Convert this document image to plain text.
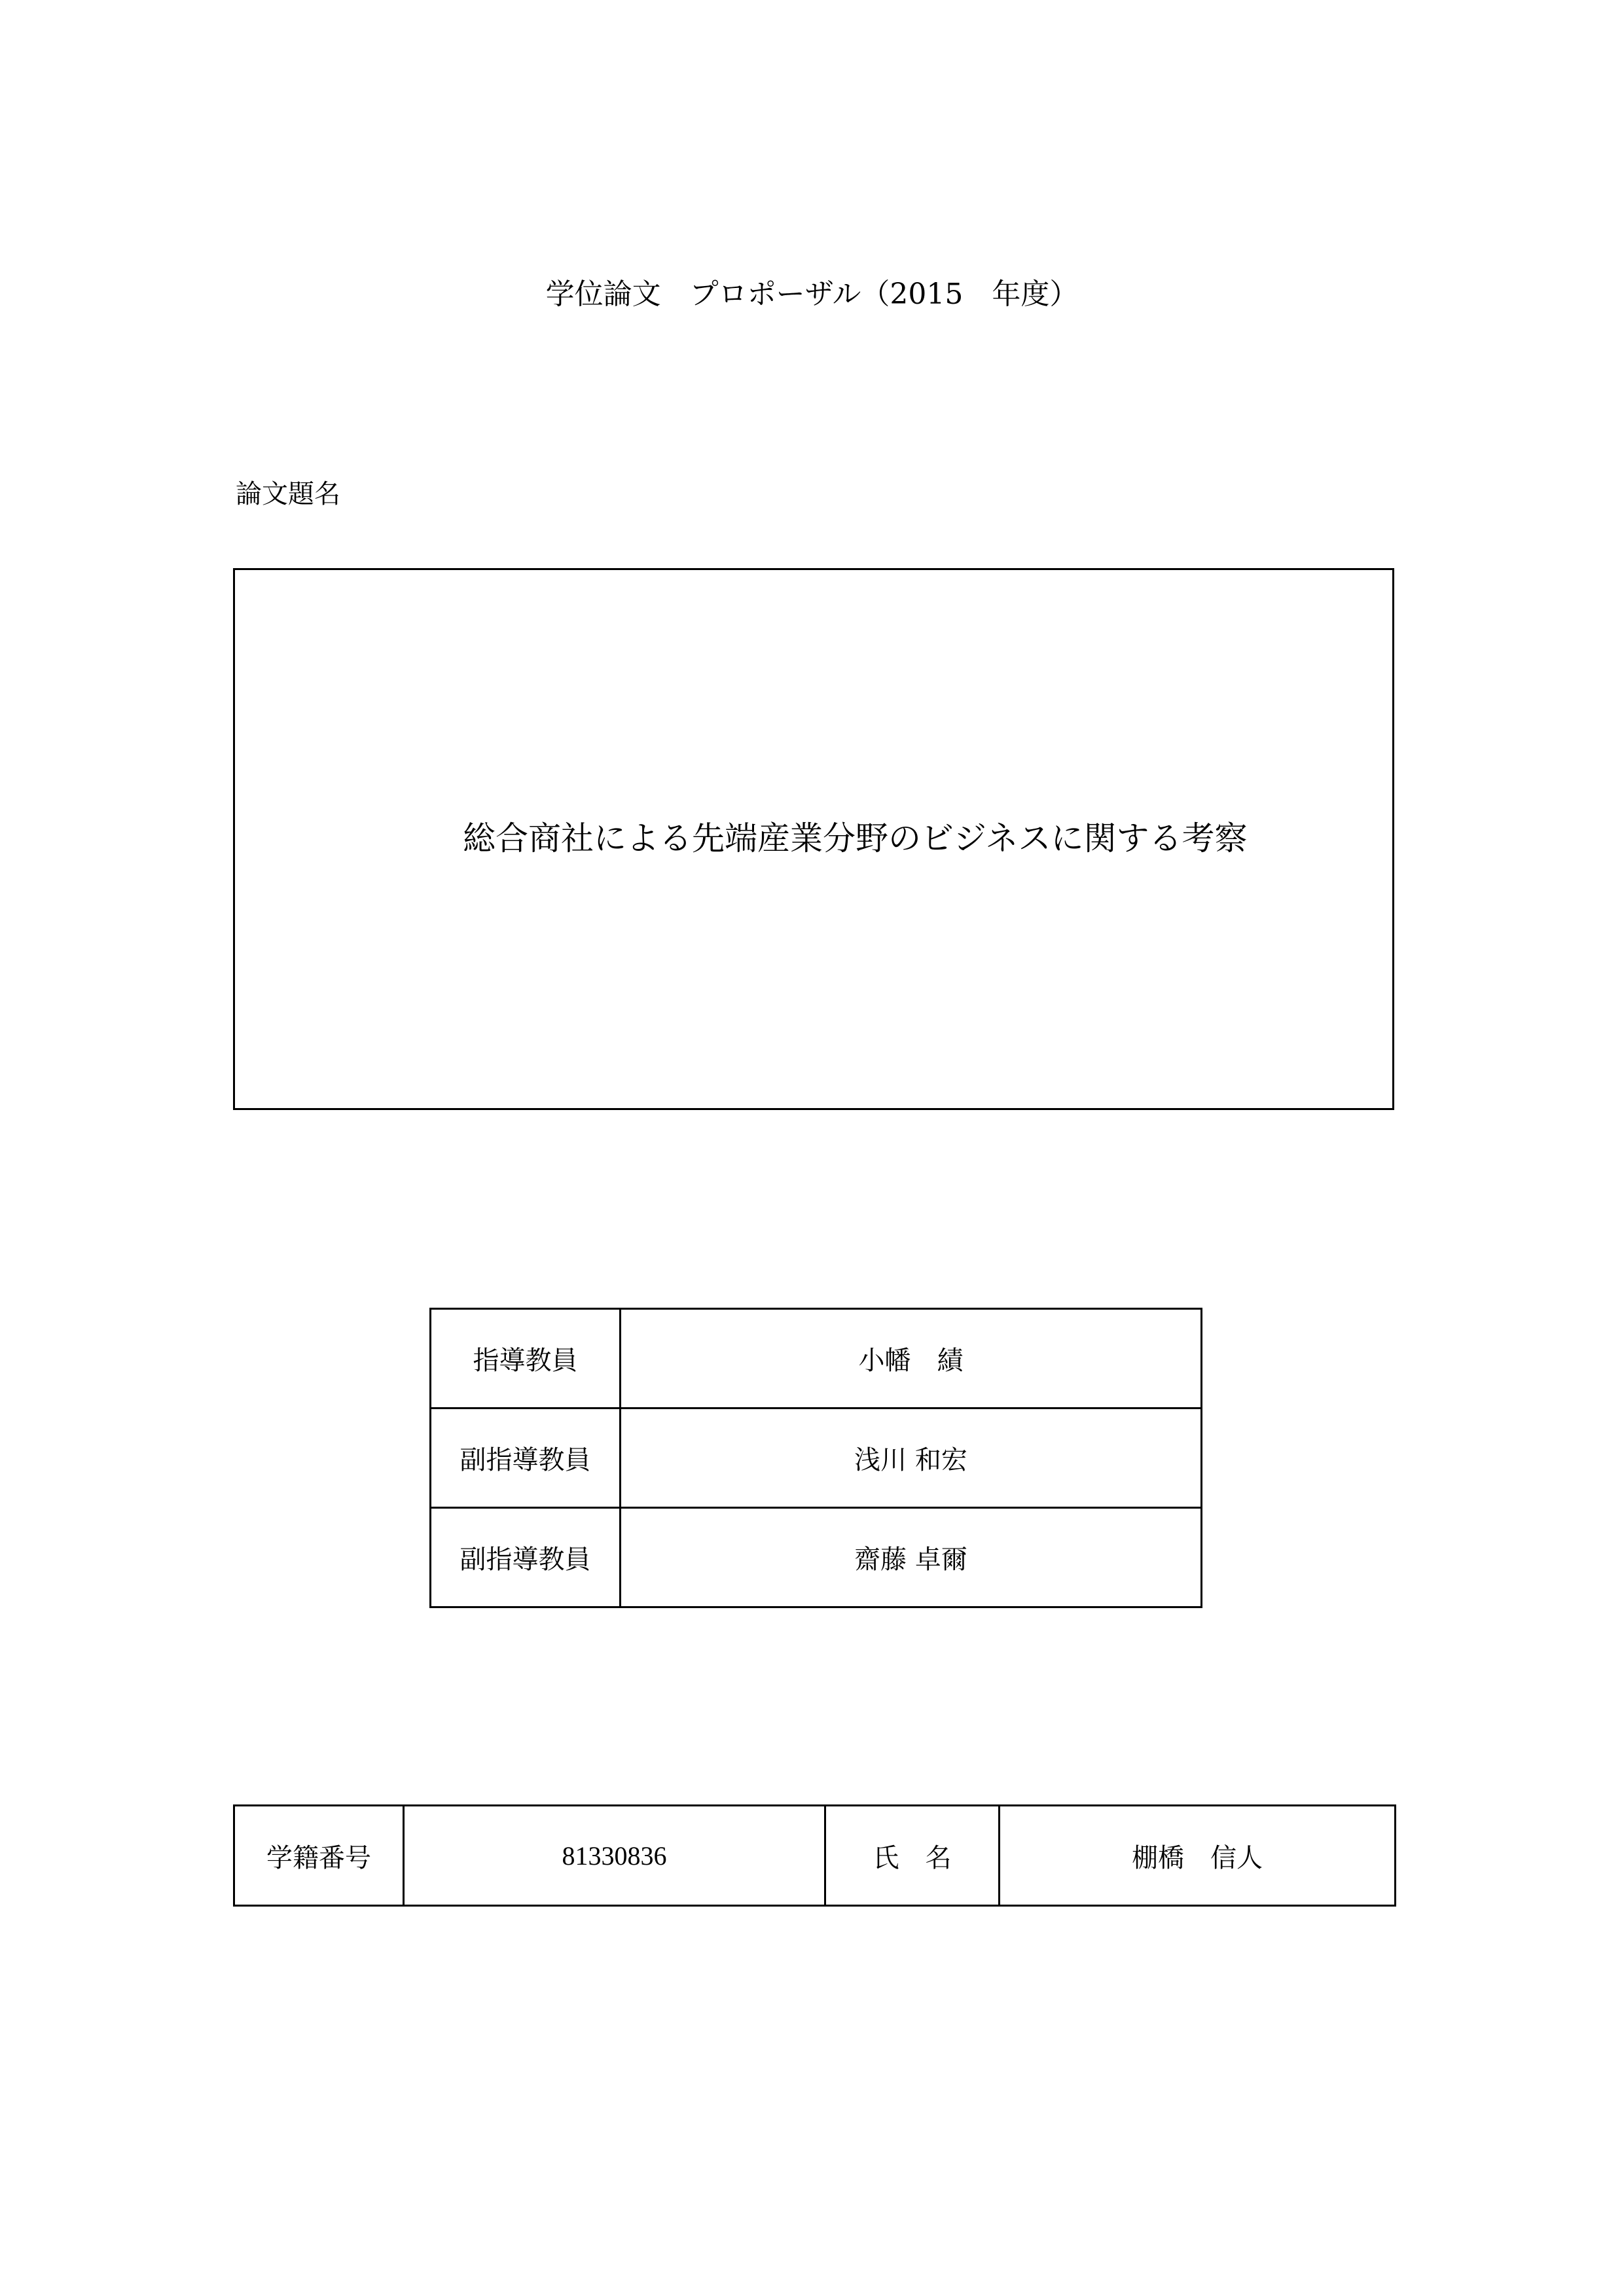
学位論文　プロポーザル（2015　年度）
論文題名
総合商社による先端産業分野のビジネスに関する考察
指導教員	小幡　績
副指導教員	浅川 和宏
副指導教員	齋藤 卓爾
学籍番号	81330836	氏　名	棚橋　信人
